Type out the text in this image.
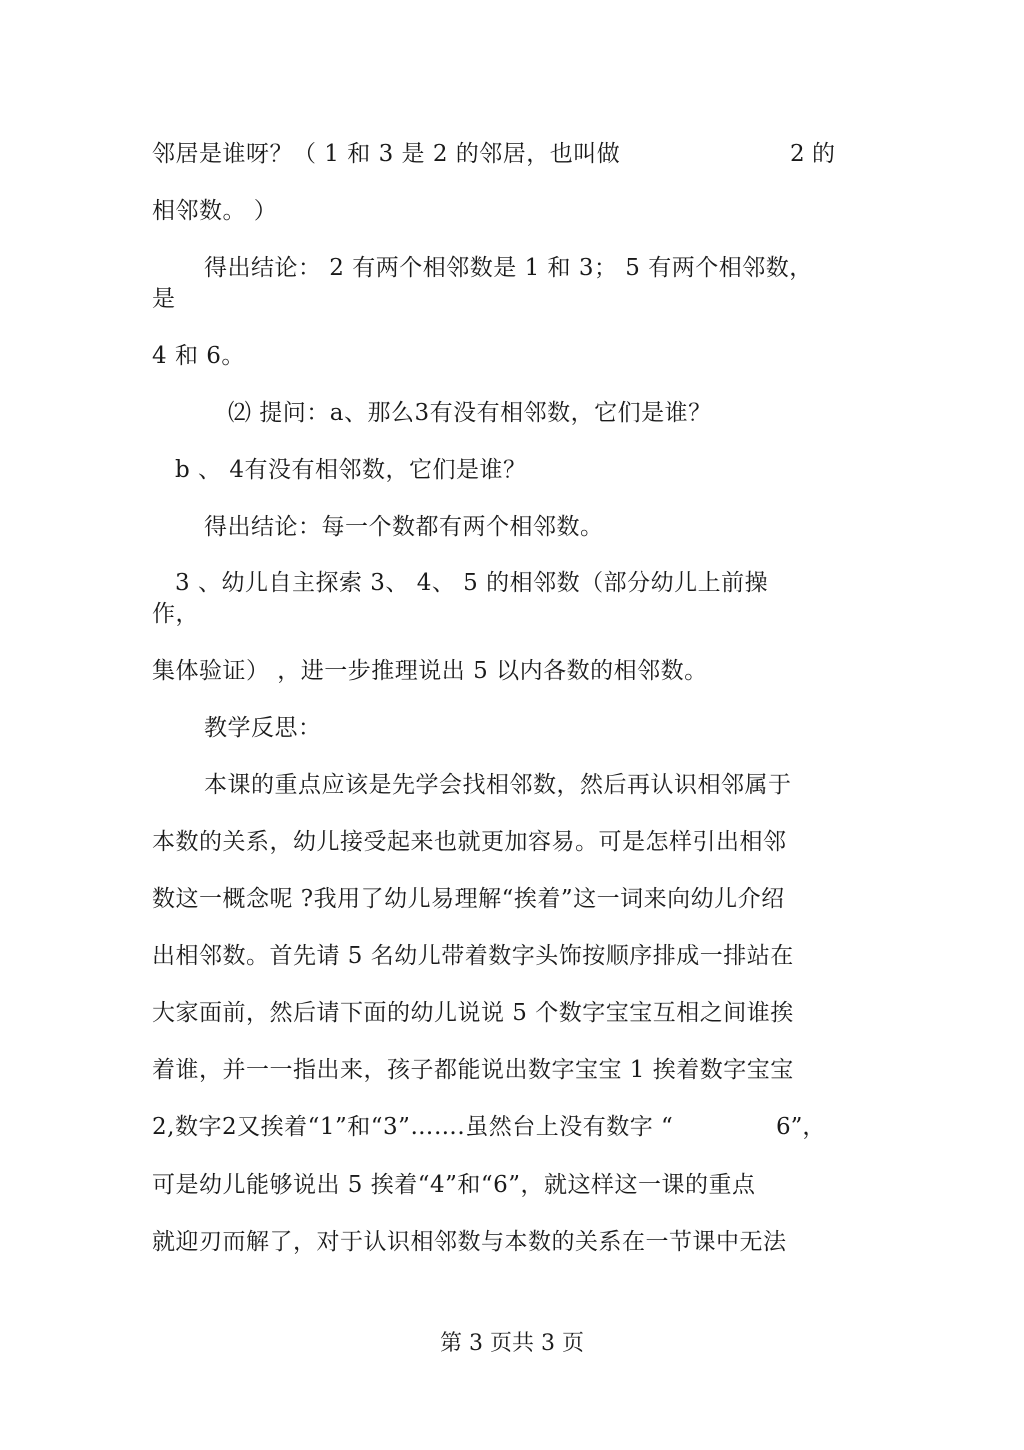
邻居是谁呀？（ 1 和 3 是 2 的邻居，也叫做	2 的
相邻数。 ）
得出结论： 2 有两个相邻数是 1 和 3； 5 有两个相邻数，
是
4 和 6。
⑵ 提问：a、那么3有没有相邻数，它们是谁？
b 、 4有没有相邻数，它们是谁？
得出结论：每一个数都有两个相邻数。
3 、幼儿自主探索 3、 4、 5 的相邻数（部分幼儿上前操
作，
集体验证） ，进一步推理说出 5 以内各数的相邻数。
教学反思：
本课的重点应该是先学会找相邻数，然后再认识相邻属于
本数的关系，幼儿接受起来也就更加容易。可是怎样引出相邻
数这一概念呢 ?我用了幼儿易理解“挨着”这一词来向幼儿介绍
出相邻数。首先请 5 名幼儿带着数字头饰按顺序排成一排站在
大家面前，然后请下面的幼儿说说 5 个数字宝宝互相之间谁挨
着谁，并一一指出来，孩子都能说出数字宝宝 1 挨着数字宝宝
2,数字2又挨着“1”和“3”…….虽然台上没有数字 “	6”，
可是幼儿能够说出 5 挨着“4”和“6”，就这样这一课的重点
就迎刃而解了，对于认识相邻数与本数的关系在一节课中无法
第 3 页共 3 页
